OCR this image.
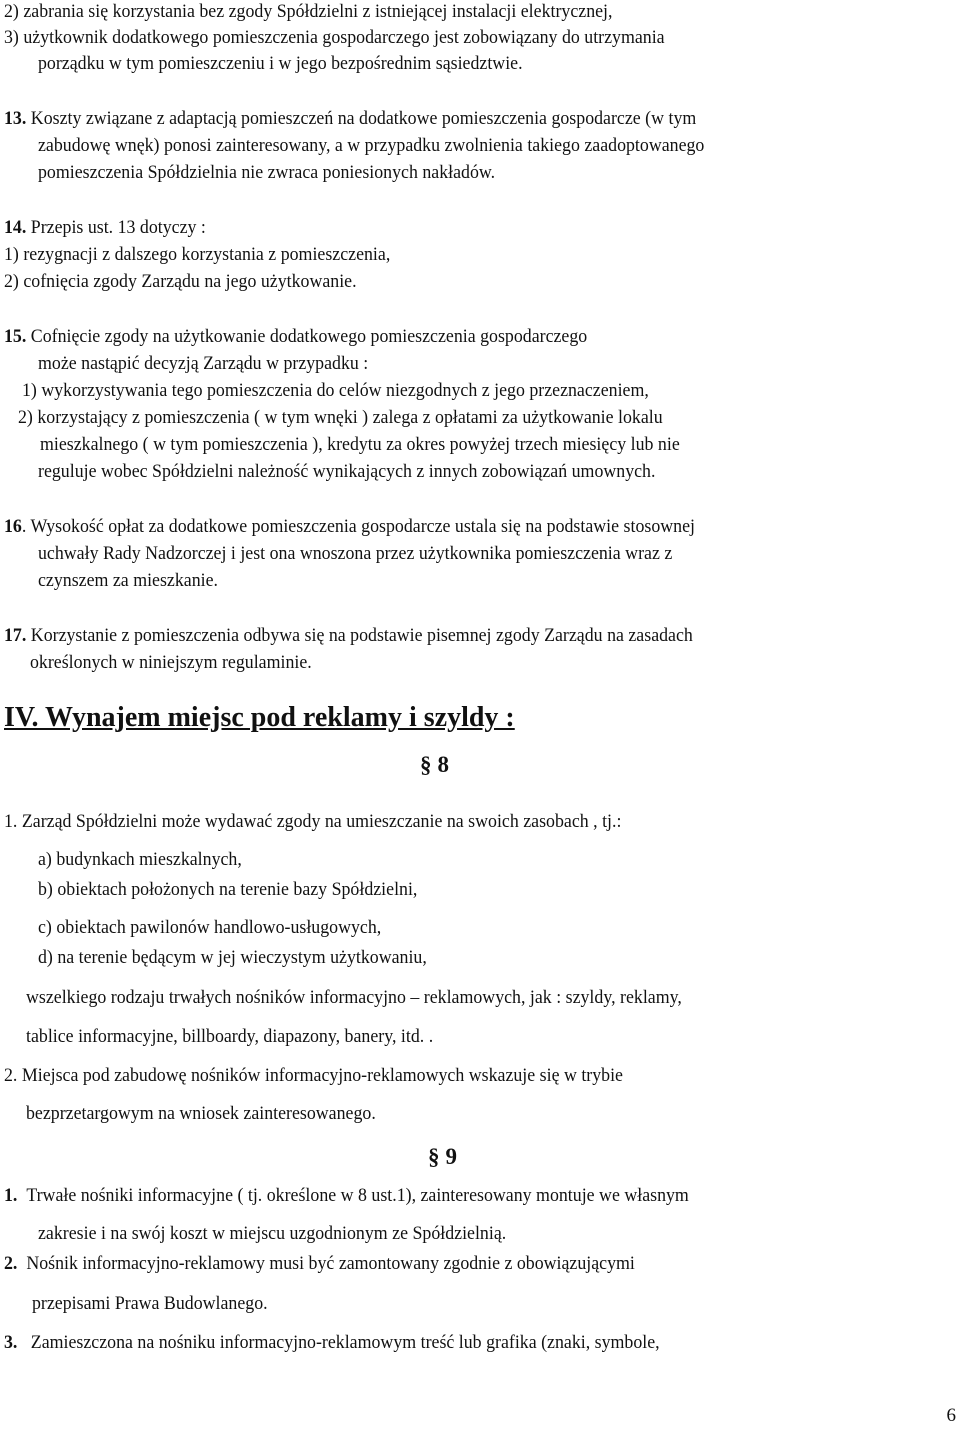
2) zabrania się korzystania bez zgody Spółdzielni z istniejącej instalacji elektrycznej,
3) użytkownik dodatkowego pomieszczenia gospodarczego jest zobowiązany do utrzymania
porządku w tym pomieszczeniu i w jego bezpośrednim sąsiedztwie.
13. Koszty związane z adaptacją pomieszczeń na dodatkowe pomieszczenia gospodarcze (w tym
zabudowę wnęk) ponosi zainteresowany, a w przypadku zwolnienia takiego zaadoptowanego
pomieszczenia Spółdzielnia nie zwraca poniesionych nakładów.
14. Przepis ust. 13 dotyczy :
1) rezygnacji z dalszego korzystania z pomieszczenia,
2) cofnięcia zgody Zarządu na jego użytkowanie.
15. Cofnięcie zgody na użytkowanie dodatkowego pomieszczenia gospodarczego
może nastąpić decyzją Zarządu w przypadku :
1) wykorzystywania tego pomieszczenia do celów niezgodnych z jego przeznaczeniem,
2) korzystający z pomieszczenia ( w tym wnęki ) zalega z opłatami za użytkowanie lokalu
mieszkalnego ( w tym pomieszczenia ), kredytu za okres powyżej trzech miesięcy lub nie
reguluje wobec Spółdzielni należność wynikających z innych zobowiązań umownych.
16. Wysokość opłat za dodatkowe pomieszczenia gospodarcze ustala się na podstawie stosownej
uchwały Rady Nadzorczej i jest ona wnoszona przez użytkownika pomieszczenia wraz z
czynszem za mieszkanie.
17. Korzystanie z pomieszczenia odbywa się na podstawie pisemnej zgody Zarządu na zasadach
określonych w niniejszym regulaminie.
IV. Wynajem miejsc pod reklamy i szyldy :
§ 8
1. Zarząd Spółdzielni może wydawać zgody na umieszczanie na swoich zasobach , tj.:
a) budynkach mieszkalnych,
b) obiektach położonych na terenie bazy Spółdzielni,
c) obiektach pawilonów handlowo-usługowych,
d) na terenie będącym w jej wieczystym użytkowaniu,
wszelkiego rodzaju trwałych nośników informacyjno – reklamowych, jak : szyldy, reklamy,
tablice informacyjne, billboardy, diapazony, banery, itd. .
2. Miejsca pod zabudowę nośników informacyjno-reklamowych wskazuje się w trybie
bezprzetargowym na wniosek zainteresowanego.
§ 9
1. Trwałe nośniki informacyjne ( tj. określone w 8 ust.1), zainteresowany montuje we własnym
zakresie i na swój koszt w miejscu uzgodnionym ze Spółdzielnią.
2. Nośnik informacyjno-reklamowy musi być zamontowany zgodnie z obowiązującymi
przepisami Prawa Budowlanego.
3. Zamieszczona na nośniku informacyjno-reklamowym treść lub grafika (znaki, symbole,
6
